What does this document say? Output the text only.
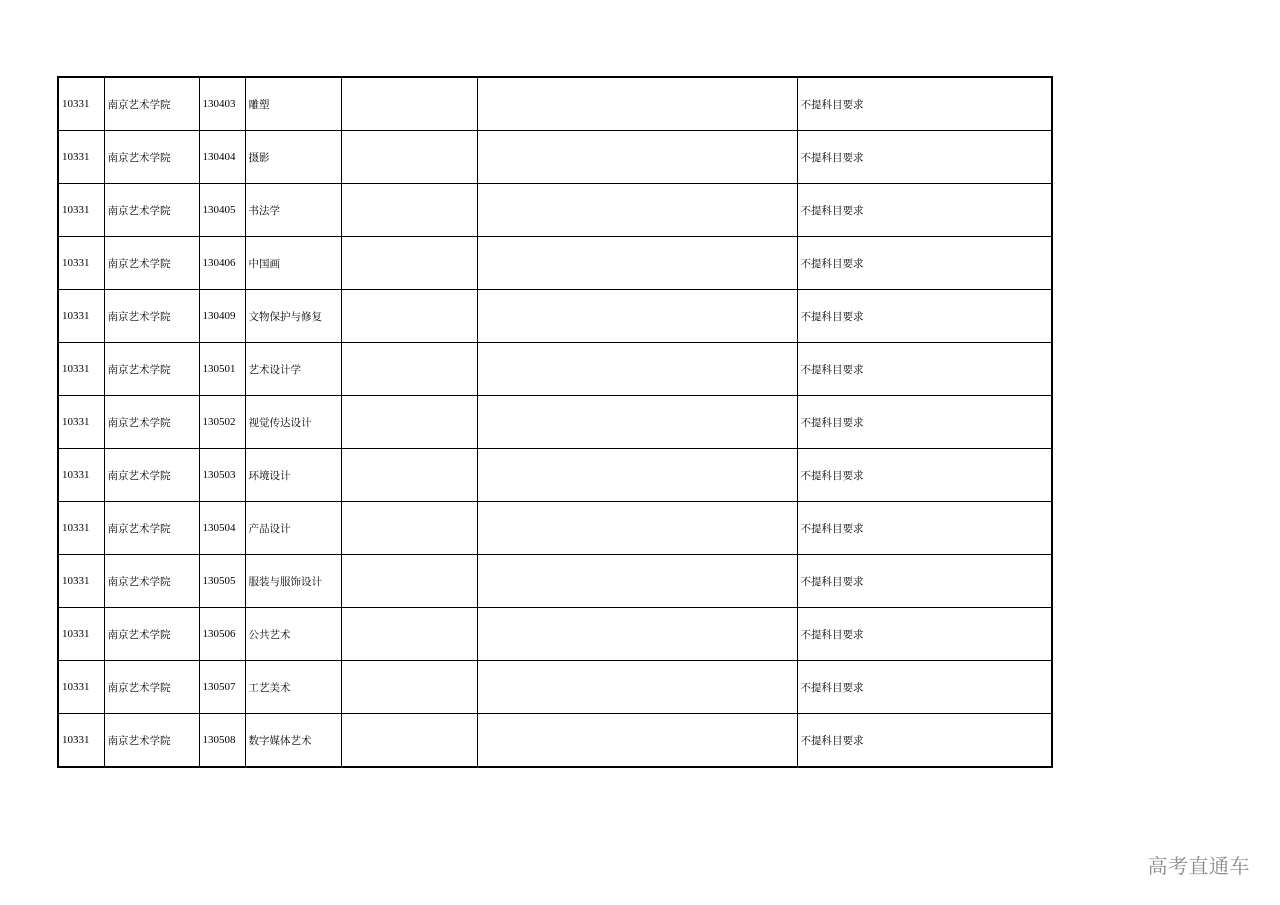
10331	南京艺术学院	130403	雕塑			不提科目要求
10331	南京艺术学院	130404	摄影			不提科目要求
10331	南京艺术学院	130405	书法学			不提科目要求
10331	南京艺术学院	130406	中国画			不提科目要求
10331	南京艺术学院	130409	文物保护与修复			不提科目要求
10331	南京艺术学院	130501	艺术设计学			不提科目要求
10331	南京艺术学院	130502	视觉传达设计			不提科目要求
10331	南京艺术学院	130503	环境设计			不提科目要求
10331	南京艺术学院	130504	产品设计			不提科目要求
10331	南京艺术学院	130505	服装与服饰设计			不提科目要求
10331	南京艺术学院	130506	公共艺术			不提科目要求
10331	南京艺术学院	130507	工艺美术			不提科目要求
10331	南京艺术学院	130508	数字媒体艺术			不提科目要求
高考直通车
